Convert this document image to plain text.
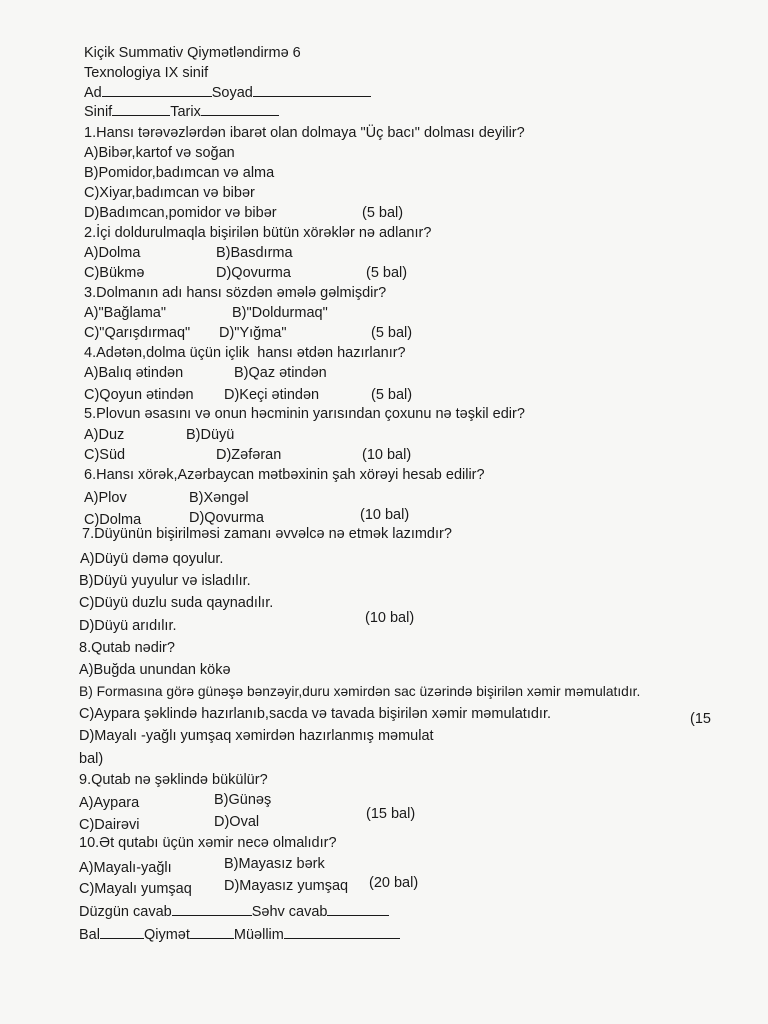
Kiçik Summativ Qiymətləndirmə 6
Texnologiya IX sinif
Ad	Soyad
Sinif	Tarix
1.Hansı tərəvəzlərdən ibarət olan dolmaya "Üç bacı" dolması deyilir?
A)Bibər,kartof və soğan
B)Pomidor,badımcan və alma
C)Xiyar,badımcan və bibər
D)Badımcan,pomidor və bibər	(5 bal)
2.İçi doldurulmaqla bişirilən bütün xörəklər nə adlanır?
A)Dolma	B)Basdırma
C)Bükmə	D)Qovurma	(5 bal)
3.Dolmanın adı hansı sözdən əmələ gəlmişdir?
A)"Bağlama"	B)"Doldurmaq"
C)"Qarışdırmaq" D)"Yığma"	(5 bal)
4.Adətən,dolma üçün içlik  hansı ətdən hazırlanır?
A)Balıq ətindən	B)Qaz ətindən
C)Qoyun ətindən D)Keçi ətindən	(5 bal)
5.Plovun əsasını və onun həcminin yarısından çoxunu nə təşkil edir?
A)Duz	B)Düyü
C)Süd	D)Zəfəran	(10 bal)
6.Hansı xörək,Azərbaycan mətbəxinin şah xörəyi hesab edilir?
A)Plov	B)Xəngəl
C)Dolma	D)Qovurma	(10 bal)
7.Düyünün bişirilməsi zamanı əvvəlcə nə etmək lazımdır?
A)Düyü dəmə qoyulur.
B)Düyü yuyulur və isladılır.
C)Düyü duzlu suda qaynadılır.
D)Düyü arıdılır.	(10 bal)
8.Qutab nədir?
A)Buğda unundan kökə
B) Formasına görə günəşə bənzəyir,duru xəmirdən sac üzərində bişirilən xəmir məmulatıdır.
C)Aypara şəklində hazırlanıb,sacda və tavada bişirilən xəmir məmulatıdır.
D)Mayalı -yağlı yumşaq xəmirdən hazırlanmış məmulat
(15
bal)
9.Qutab nə şəklində bükülür?
A)Aypara	B)Günəş
C)Dairəvi	D)Oval	(15 bal)
10.Ət qutabı üçün xəmir necə olmalıdır?
A)Mayalı-yağlı	B)Mayasız bərk
C)Mayalı yumşaq D)Mayasız yumşaq (20 bal)
Düzgün cavab	Səhv cavab
Bal	Qiymət	Müəllim
